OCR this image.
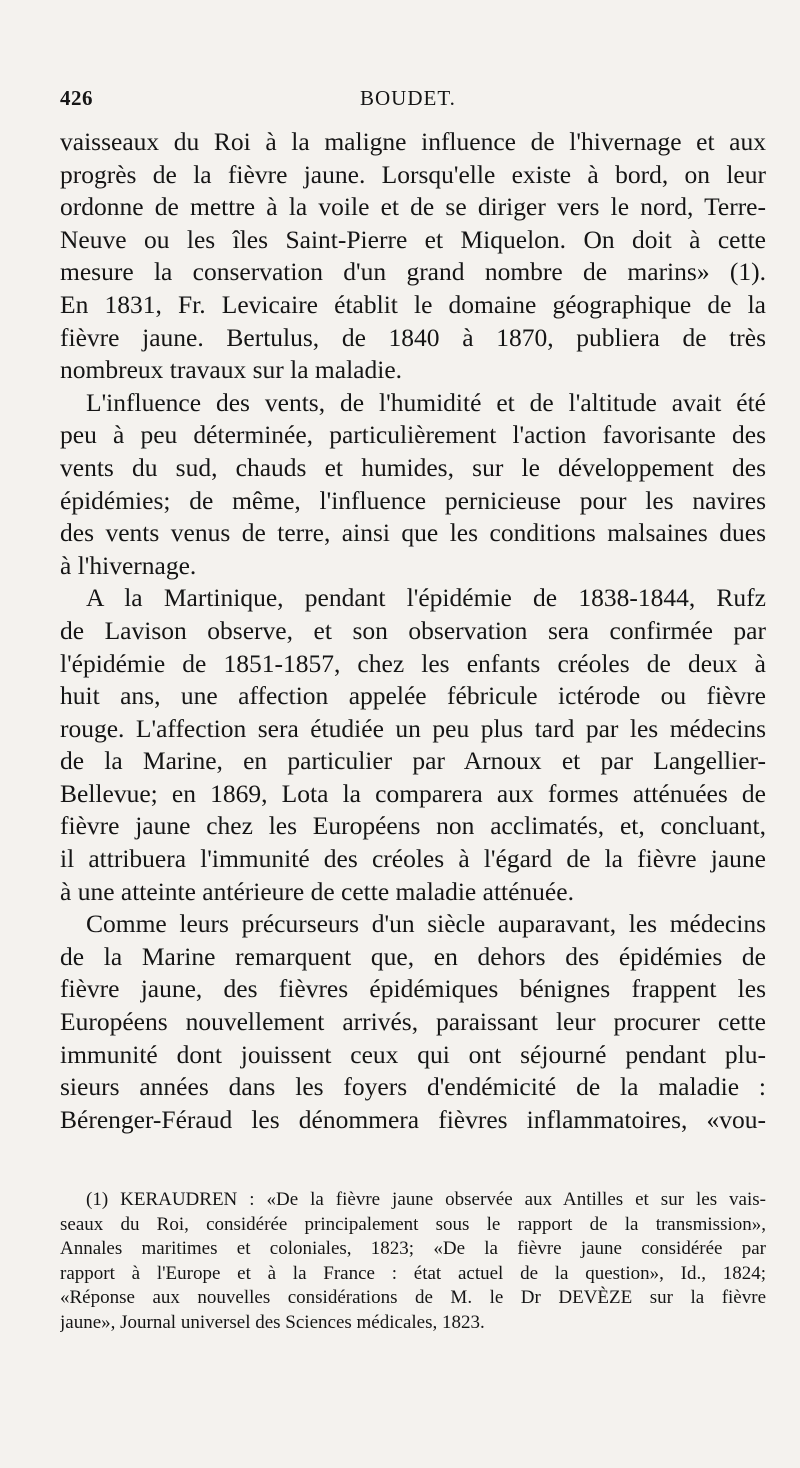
426	BOUDET.
vaisseaux du Roi à la maligne influence de l'hivernage et aux
progrès de la fièvre jaune. Lorsqu'elle existe à bord, on leur
ordonne de mettre à la voile et de se diriger vers le nord, Terre-
Neuve ou les îles Saint-Pierre et Miquelon. On doit à cette
mesure la conservation d'un grand nombre de marins» (1).
En 1831, Fr. Levicaire établit le domaine géographique de la
fièvre jaune. Bertulus, de 1840 à 1870, publiera de très
nombreux travaux sur la maladie.
L'influence des vents, de l'humidité et de l'altitude avait été
peu à peu déterminée, particulièrement l'action favorisante des
vents du sud, chauds et humides, sur le développement des
épidémies; de même, l'influence pernicieuse pour les navires
des vents venus de terre, ainsi que les conditions malsaines dues
à l'hivernage.
A la Martinique, pendant l'épidémie de 1838-1844, Rufz
de Lavison observe, et son observation sera confirmée par
l'épidémie de 1851-1857, chez les enfants créoles de deux à
huit ans, une affection appelée fébricule ictérode ou fièvre
rouge. L'affection sera étudiée un peu plus tard par les médecins
de la Marine, en particulier par Arnoux et par Langellier-
Bellevue; en 1869, Lota la comparera aux formes atténuées de
fièvre jaune chez les Européens non acclimatés, et, concluant,
il attribuera l'immunité des créoles à l'égard de la fièvre jaune
à une atteinte antérieure de cette maladie atténuée.
Comme leurs précurseurs d'un siècle auparavant, les médecins
de la Marine remarquent que, en dehors des épidémies de
fièvre jaune, des fièvres épidémiques bénignes frappent les
Européens nouvellement arrivés, paraissant leur procurer cette
immunité dont jouissent ceux qui ont séjourné pendant plu-
sieurs années dans les foyers d'endémicité de la maladie :
Bérenger-Féraud les dénommera fièvres inflammatoires, «vou-
(1) KERAUDREN : «De la fièvre jaune observée aux Antilles et sur les vais-
seaux du Roi, considérée principalement sous le rapport de la transmission»,
Annales maritimes et coloniales, 1823; «De la fièvre jaune considérée par
rapport à l'Europe et à la France : état actuel de la question», Id., 1824;
«Réponse aux nouvelles considérations de M. le Dr DEVÈZE sur la fièvre
jaune», Journal universel des Sciences médicales, 1823.
